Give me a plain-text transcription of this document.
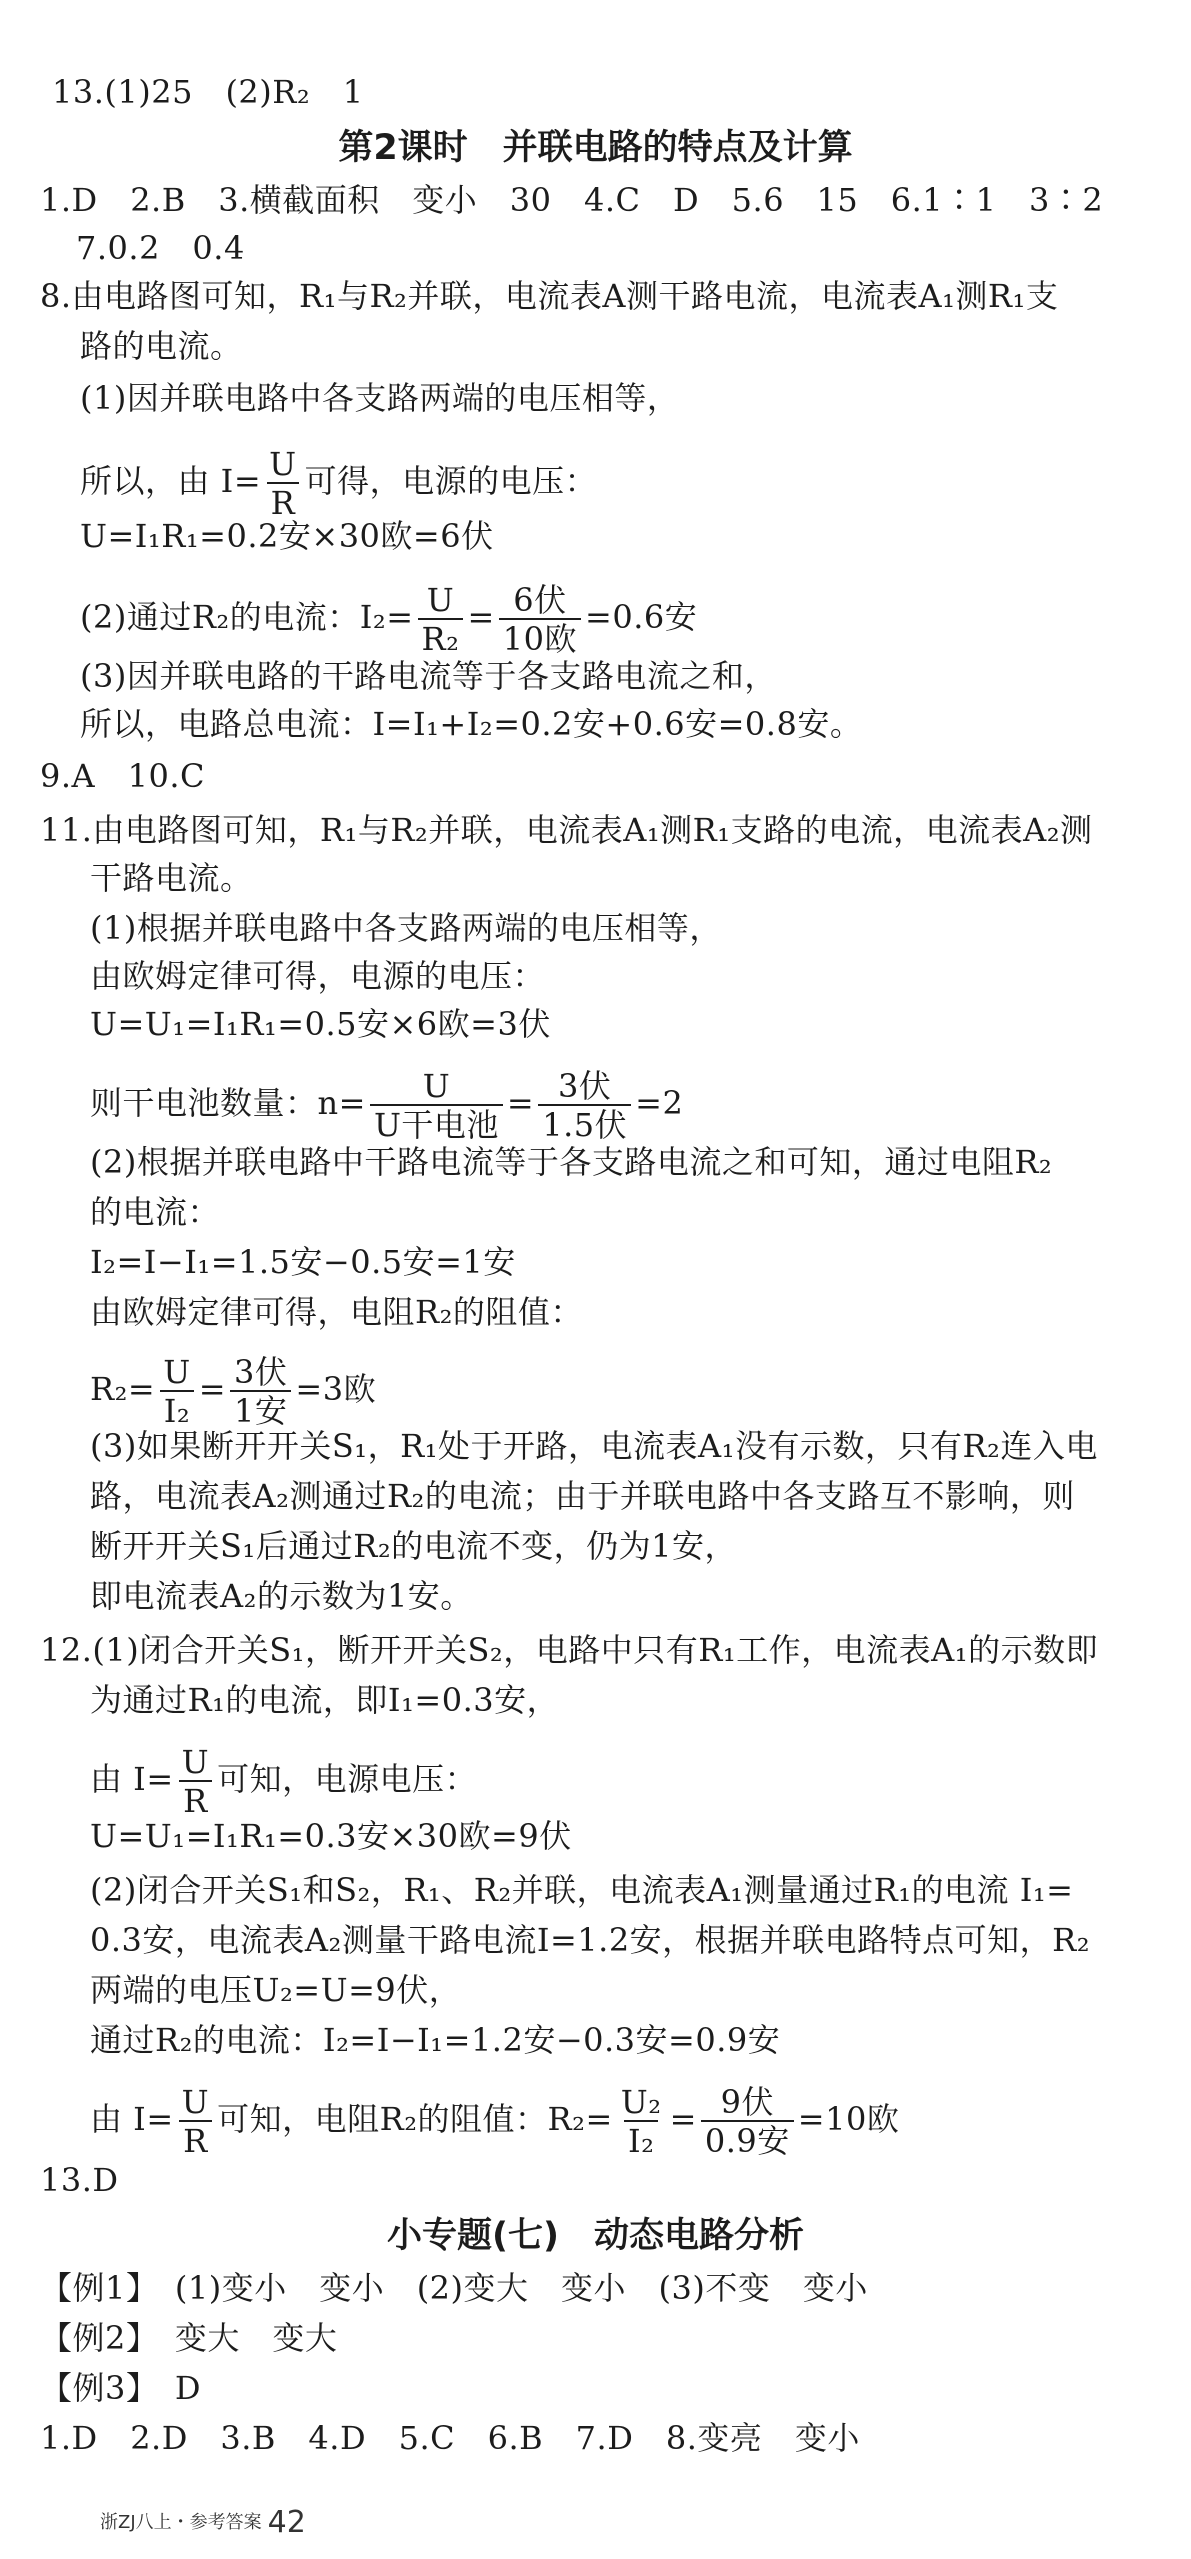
13.(1)25　(2)R₂　1
第2课时　并联电路的特点及计算
1.D　2.B　3.横截面积　变小　30　4.C　D　5.6　15　6.1∶1　3∶2
7.0.2　0.4
8.由电路图可知，R₁与R₂并联，电流表A测干路电流，电流表A₁测R₁支
路的电流。
(1)因并联电路中各支路两端的电压相等，
所以，由 $I= \frac{U}{R}$ 可得，电源的电压：
U=I₁R₁=0.2安×30欧=6伏
(2)通过R₂的电流：$I_2= \frac{U}{\text{R₂}} = \frac{\text{6伏}}{\text{10欧}} =0.6$安
(3)因并联电路的干路电流等于各支路电流之和，
所以，电路总电流：I=I₁+I₂=0.2安+0.6安=0.8安。
9.A　10.C
11.由电路图可知，R₁与R₂并联，电流表A₁测R₁支路的电流，电流表A₂测
干路电流。
(1)根据并联电路中各支路两端的电压相等，
由欧姆定律可得，电源的电压：
U=U₁=I₁R₁=0.5安×6欧=3伏
则干电池数量：$n= \frac{U}{\text{U干电池}} = \frac{\text{3伏}}{\text{1.5伏}} =2$
(2)根据并联电路中干路电流等于各支路电流之和可知，通过电阻R₂
的电流：
I₂=I−I₁=1.5安−0.5安=1安
由欧姆定律可得，电阻R₂的阻值：
$R_2= \frac{U}{\text{I₂}} = \frac{\text{3伏}}{\text{1安}} =3$欧
(3)如果断开开关S₁，R₁处于开路，电流表A₁没有示数，只有R₂连入电
路，电流表A₂测通过R₂的电流；由于并联电路中各支路互不影响，则
断开开关S₁后通过R₂的电流不变，仍为1安，
即电流表A₂的示数为1安。
12.(1)闭合开关S₁，断开开关S₂，电路中只有R₁工作，电流表A₁的示数即
为通过R₁的电流，即I₁=0.3安，
由 $I= \frac{U}{R}$ 可知，电源电压：
U=U₁=I₁R₁=0.3安×30欧=9伏
(2)闭合开关S₁和S₂，R₁、R₂并联，电流表A₁测量通过R₁的电流 I₁=
0.3安，电流表A₂测量干路电流I=1.2安，根据并联电路特点可知，R₂
两端的电压U₂=U=9伏，
通过R₂的电流：I₂=I−I₁=1.2安−0.3安=0.9安
由 $I= \frac{U}{R}$ 可知，电阻R₂的阻值：$R_2= \frac{\text{U₂}}{\text{I₂}} = \frac{\text{9伏}}{\text{0.9安}} =10$欧
13.D
小专题(七)　动态电路分析
【例1】　(1)变小　变小　(2)变大　变小　(3)不变　变小
【例2】　变大　变大
【例3】　D
1.D　2.D　3.B　4.D　5.C　6.B　7.D　8.变亮　变小
浙ZJ八上・参考答案 42
